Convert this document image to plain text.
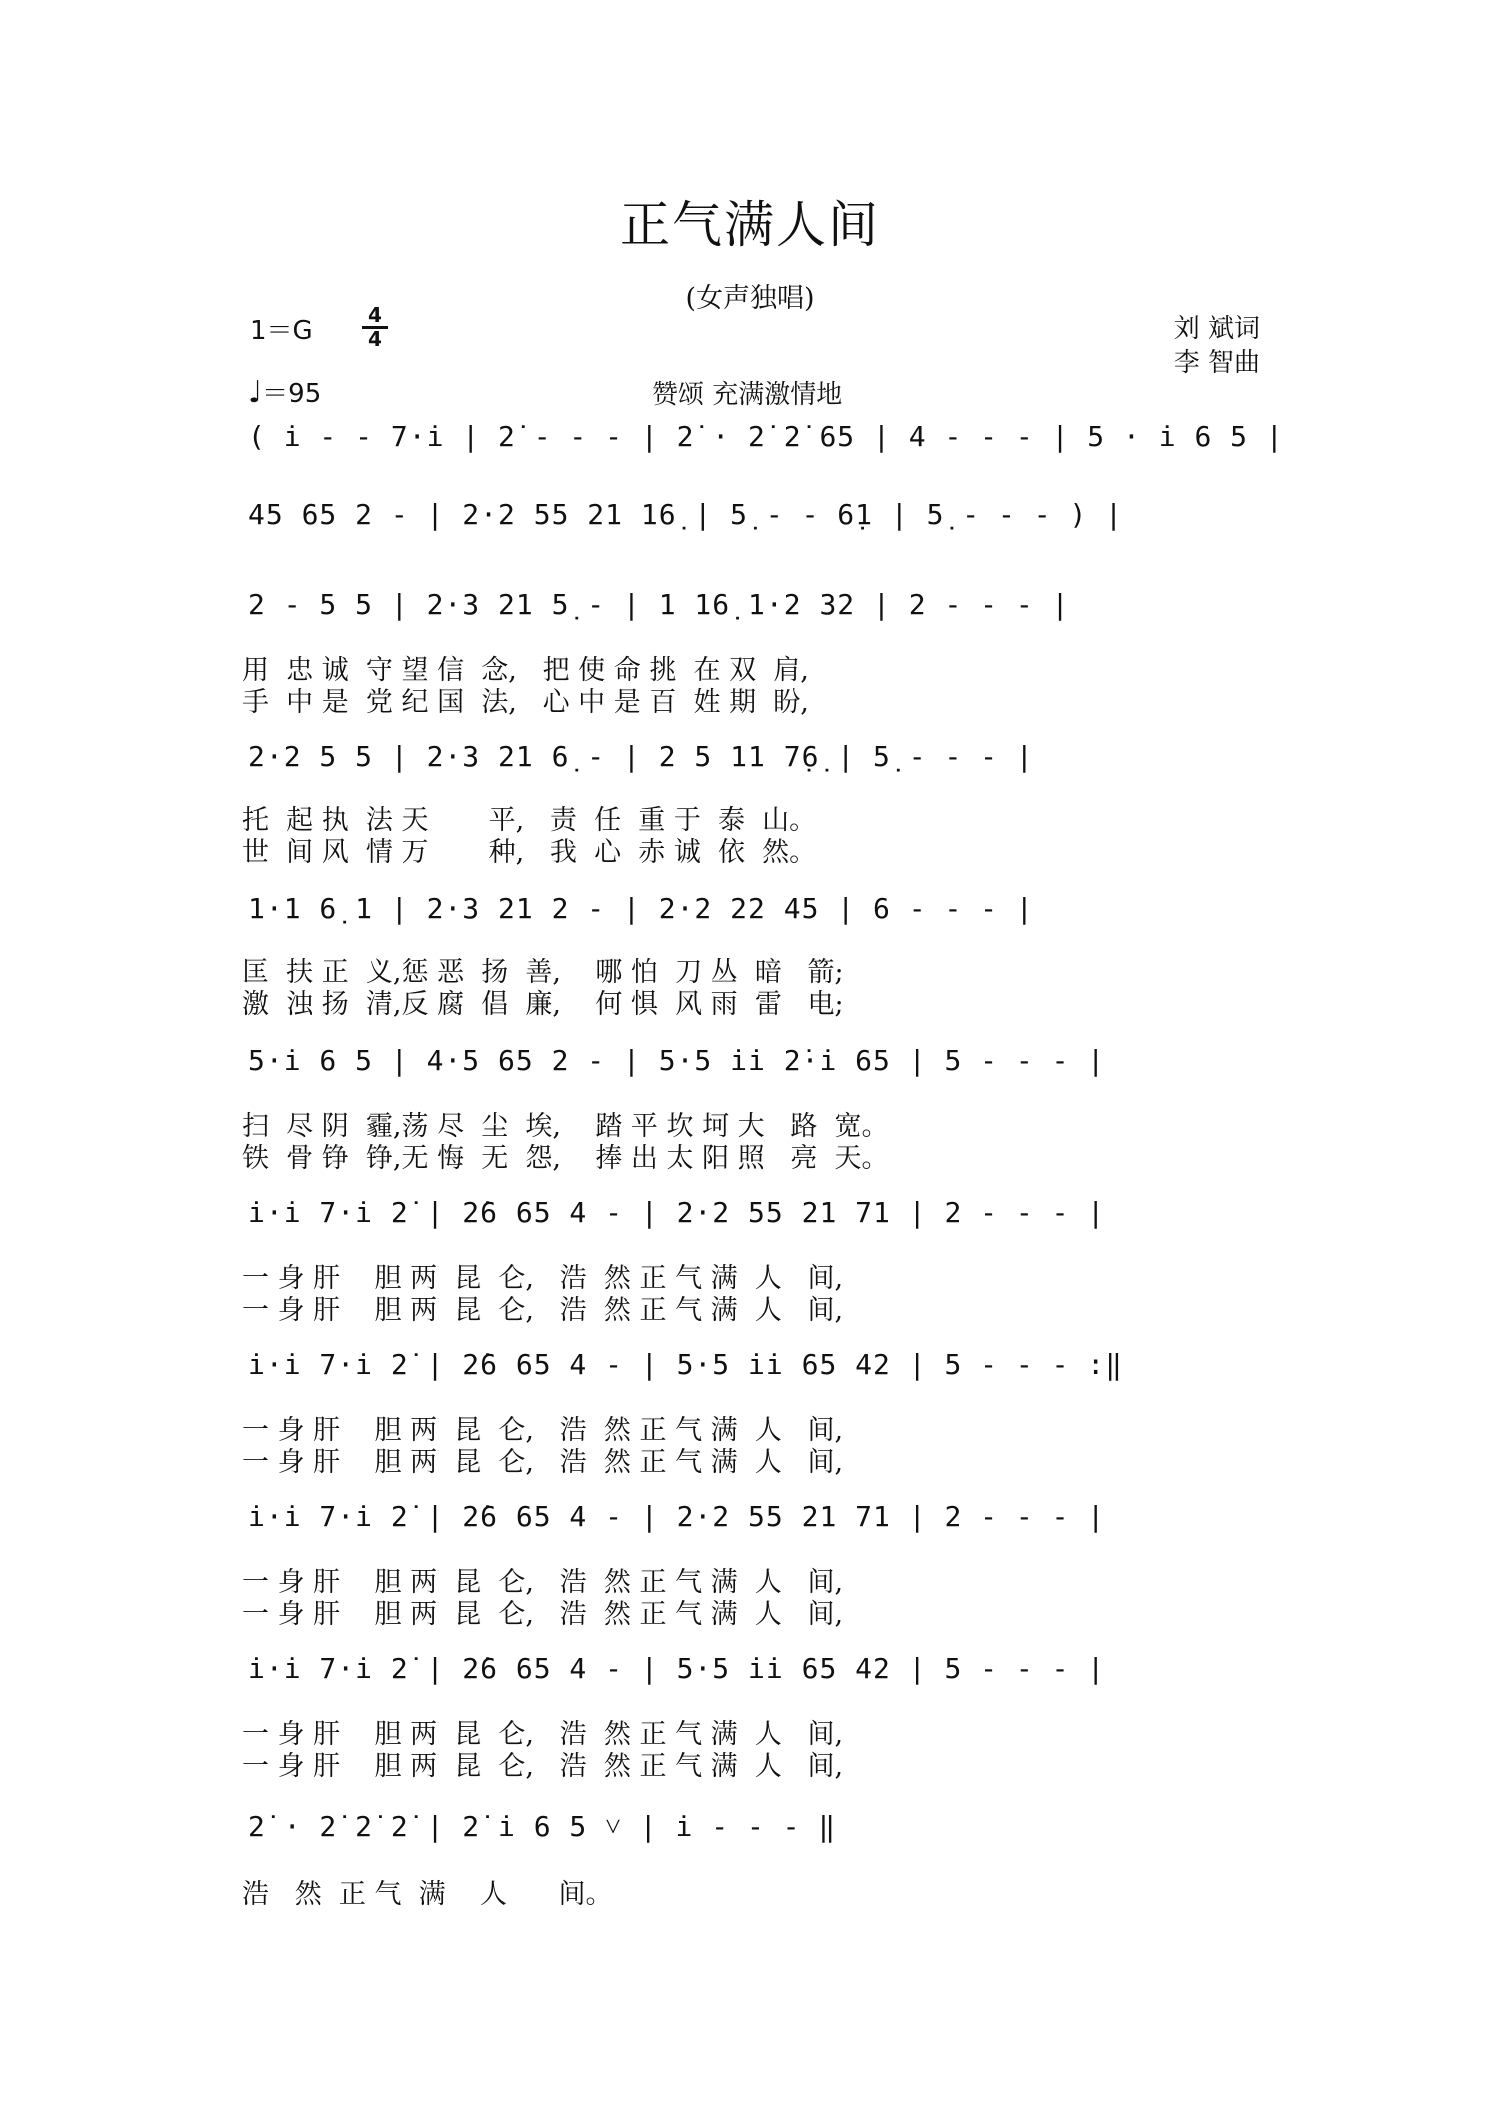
正气满人间
(女声独唱)
1＝G
4
4	刘 斌词
李 智曲
♩＝95	赞颂 充满激情地
( i̇ - - 7·i̇ | 2̇ - - - | 2̇ · 2̇ 2̇ 65 | 4 - - - | 5 · i̇ 6 5 |
45 65 2 - | 2·2 55 21 16̣ | 5̣ - - 6̣1 | 5̣ - - - ) |
2 - 5 5 | 2·3 21 5̣ - | 1 16̣ 1·2 32 | 2 - - - |
用  忠 诚  守 望 信  念,   把 使 命 挑  在 双  肩,
手  中 是  党 纪 国  法,   心 中 是 百  姓 期  盼,
2·2 5 5 | 2·3 21 6̣ - | 2 5 11 7̣6̣ | 5̣ - - - |
托  起 执  法 天       平,   责  任  重 于  泰  山。
世  间 风  情 万       种,   我  心  赤 诚  依  然。
1·1 6̣ 1 | 2·3 21 2 - | 2·2 22 45 | 6 - - - |
匡  扶 正  义,惩 恶  扬  善,    哪 怕  刀 丛  暗   箭;
激  浊 扬  清,反 腐  倡  廉,    何 惧  风 雨  雷   电;
5·i̇ 6 5 | 4·5 65 2 - | 5·5 i̇i̇ 2̇·i̇ 65 | 5 - - - |
扫  尽 阴  霾,荡 尽  尘  埃,    踏 平 坎 坷 大   路  宽。
铁  骨 铮  铮,无 悔  无  怨,    捧 出 太 阳 照   亮  天。
i̇·i̇ 7·i̇ 2̇ | 2̇6 65 4 - | 2·2 55 21 71 | 2 - - - |
一 身 肝    胆 两  昆  仑,   浩  然 正 气 满  人   间,
一 身 肝    胆 两  昆  仑,   浩  然 正 气 满  人   间,
i̇·i̇ 7·i̇ 2̇ | 2̇6 65 4 - | 5·5 i̇i̇ 65 42 | 5 - - - :‖
一 身 肝    胆 两  昆  仑,   浩  然 正 气 满  人   间,
一 身 肝    胆 两  昆  仑,   浩  然 正 气 满  人   间,
i̇·i̇ 7·i̇ 2̇ | 2̇6 65 4 - | 2·2 55 21 71 | 2 - - - |
一 身 肝    胆 两  昆  仑,   浩  然 正 气 满  人   间,
一 身 肝    胆 两  昆  仑,   浩  然 正 气 满  人   间,
i̇·i̇ 7·i̇ 2̇ | 2̇6 65 4 - | 5·5 i̇i̇ 65 42 | 5 - - - |
一 身 肝    胆 两  昆  仑,   浩  然 正 气 满  人   间,
一 身 肝    胆 两  昆  仑,   浩  然 正 气 满  人   间,
2̇ · 2̇ 2̇ 2̇ | 2̇ i̇ 6 5 ˅ | i̇ - - - ‖
浩   然  正 气  满    人      间。
